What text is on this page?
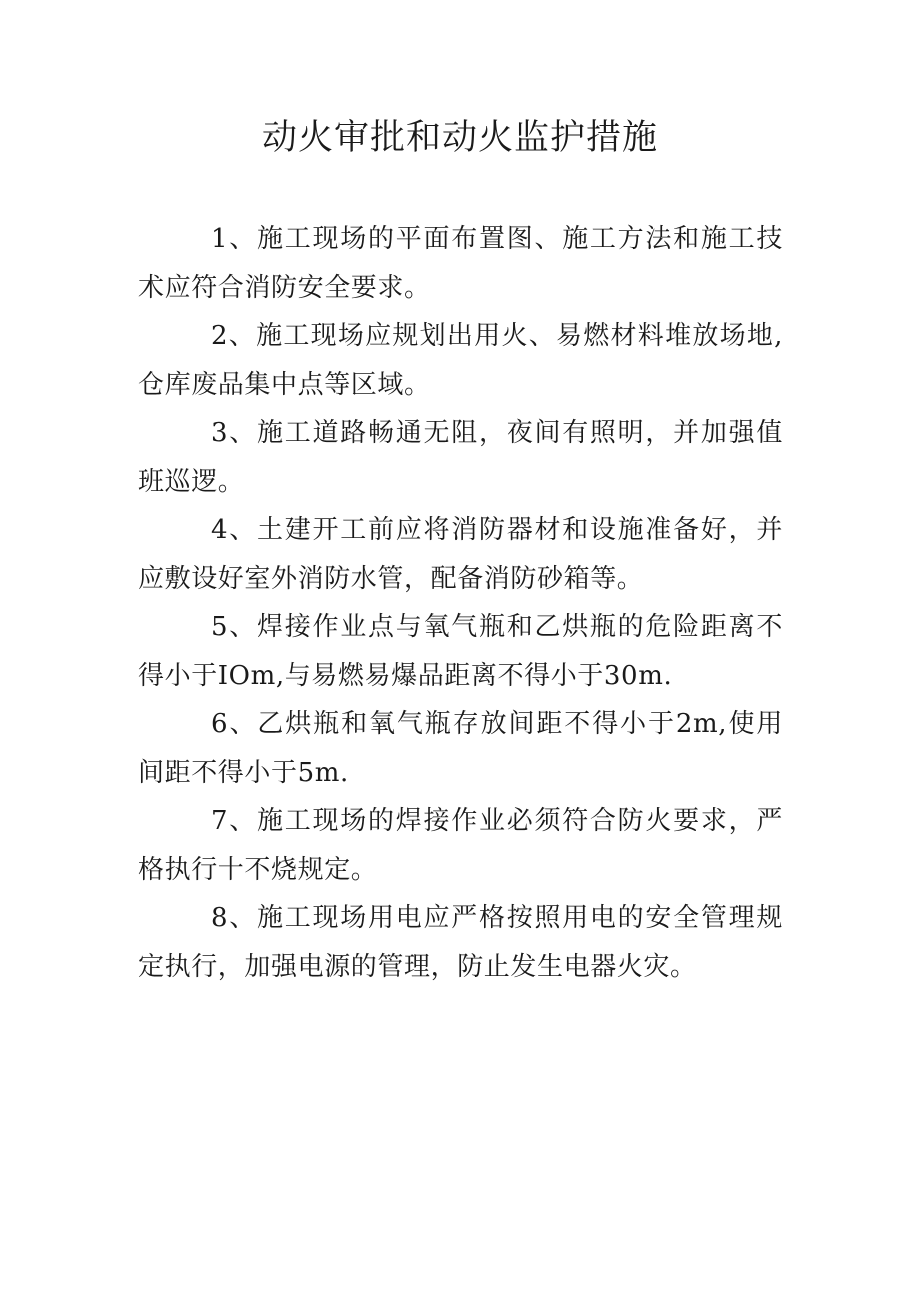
动火审批和动火监护措施

1、施工现场的平面布置图、施工方法和施工技术应符合消防安全要求。

2、施工现场应规划出用火、易燃材料堆放场地,仓库废品集中点等区域。

3、施工道路畅通无阻，夜间有照明，并加强值班巡逻。

4、土建开工前应将消防器材和设施准备好，并应敷设好室外消防水管，配备消防砂箱等。

5、焊接作业点与氧气瓶和乙烘瓶的危险距离不得小于IOm,与易燃易爆品距离不得小于30m.

6、乙烘瓶和氧气瓶存放间距不得小于2m,使用间距不得小于5m.

7、施工现场的焊接作业必须符合防火要求，严格执行十不烧规定。

8、施工现场用电应严格按照用电的安全管理规定执行，加强电源的管理，防止发生电器火灾。
